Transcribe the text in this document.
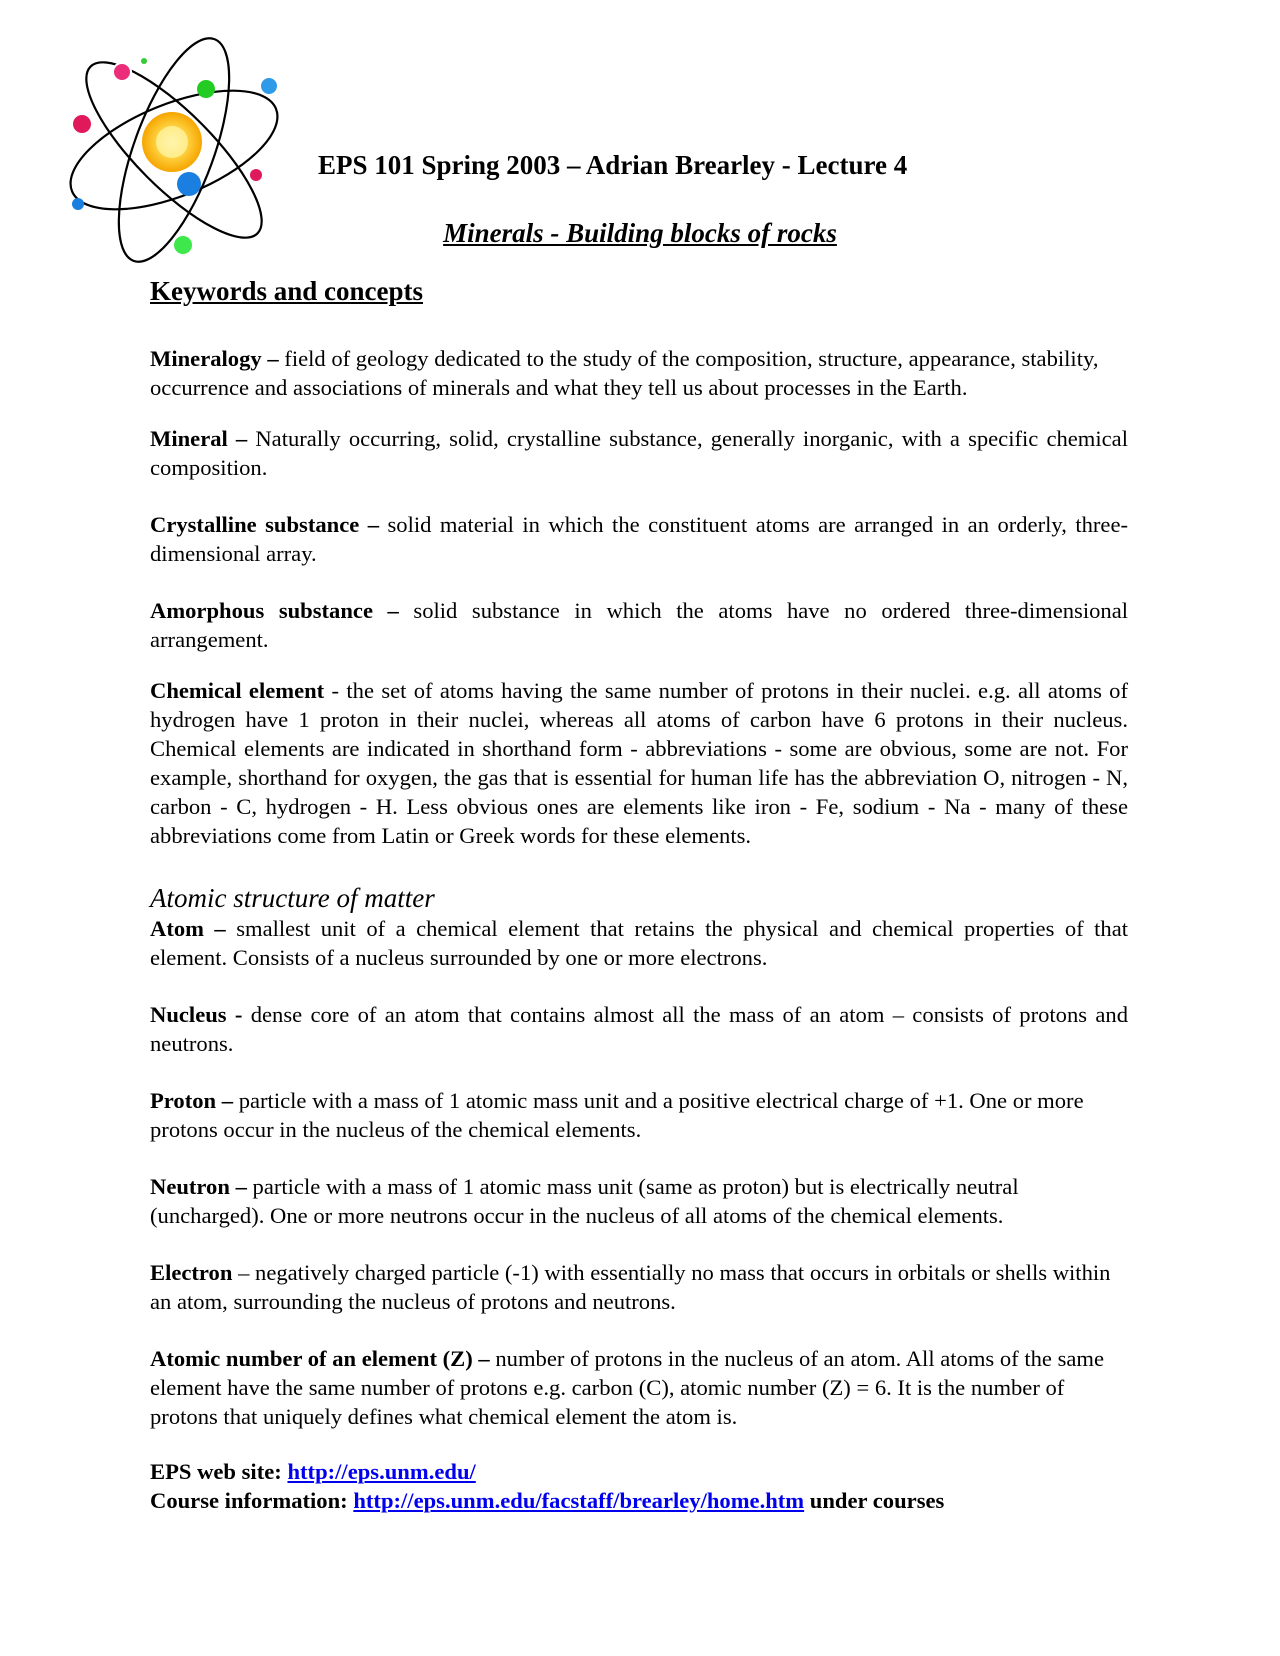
EPS 101 Spring 2003 – Adrian Brearley - Lecture 4
Minerals - Building blocks of rocks
Keywords and concepts

Mineralogy – field of geology dedicated to the study of the composition, structure, appearance, stability, occurrence and associations of minerals and what they tell us about processes in the Earth.

Mineral – Naturally occurring, solid, crystalline substance, generally inorganic, with a specific chemical composition.

Crystalline substance – solid material in which the constituent atoms are arranged in an orderly, three-dimensional array.

Amorphous substance – solid substance in which the atoms have no ordered three-dimensional arrangement.

Chemical element - the set of atoms having the same number of protons in their nuclei. e.g. all atoms of hydrogen have 1 proton in their nuclei, whereas all atoms of carbon have 6 protons in their nucleus. Chemical elements are indicated in shorthand form - abbreviations - some are obvious, some are not. For example, shorthand for oxygen, the gas that is essential for human life has the abbreviation O, nitrogen - N, carbon - C, hydrogen - H. Less obvious ones are elements like iron - Fe, sodium - Na - many of these abbreviations come from Latin or Greek words for these elements.

Atomic structure of matter

Atom – smallest unit of a chemical element that retains the physical and chemical properties of that element. Consists of a nucleus surrounded by one or more electrons.

Nucleus - dense core of an atom that contains almost all the mass of an atom – consists of protons and neutrons.

Proton – particle with a mass of 1 atomic mass unit and a positive electrical charge of +1. One or more protons occur in the nucleus of the chemical elements.

Neutron – particle with a mass of 1 atomic mass unit (same as proton) but is electrically neutral (uncharged). One or more neutrons occur in the nucleus of all atoms of the chemical elements.

Electron – negatively charged particle (-1) with essentially no mass that occurs in orbitals or shells within an atom, surrounding the nucleus of protons and neutrons.

Atomic number of an element (Z) – number of protons in the nucleus of an atom. All atoms of the same element have the same number of protons e.g. carbon (C), atomic number (Z) = 6. It is the number of protons that uniquely defines what chemical element the atom is.

EPS web site: http://eps.unm.edu/

Course information: http://eps.unm.edu/facstaff/brearley/home.htm under courses
